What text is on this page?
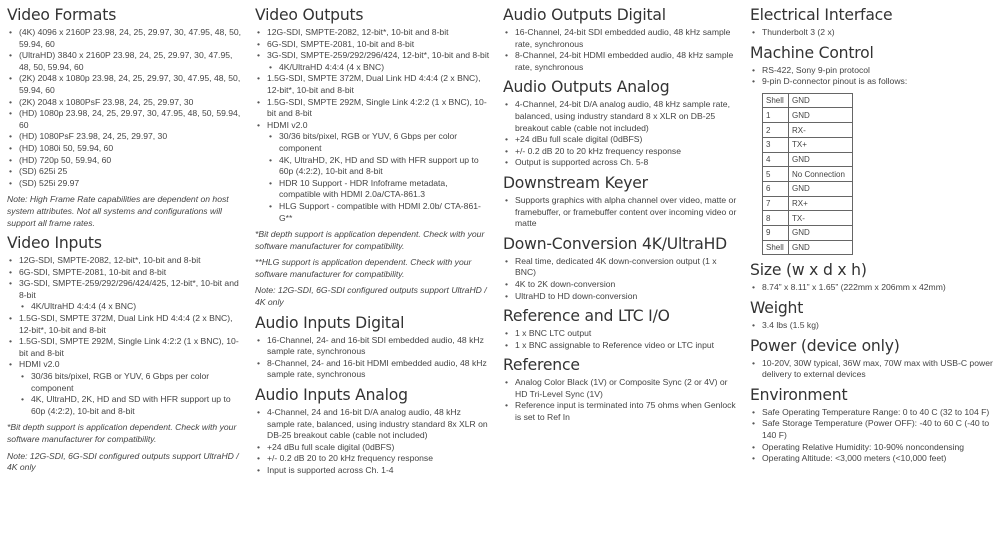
Video Formats
• (4K) 4096 x 2160P 23.98, 24, 25, 29.97, 30, 47.95, 48, 50, 59.94, 60
• (UltraHD) 3840 x 2160P 23.98, 24, 25, 29.97, 30, 47.95, 48, 50, 59.94, 60
• (2K) 2048 x 1080p 23.98, 24, 25, 29.97, 30, 47.95, 48, 50, 59.94, 60
• (2K) 2048 x 1080PsF 23.98, 24, 25, 29.97, 30
• (HD) 1080p 23.98, 24, 25, 29.97, 30, 47.95, 48, 50, 59.94, 60
• (HD) 1080PsF 23.98, 24, 25, 29.97, 30
• (HD) 1080i 50, 59.94, 60
• (HD) 720p 50, 59.94, 60
• (SD) 625i 25
• (SD) 525i 29.97

Note: High Frame Rate capabilities are dependent on host system attributes. Not all systems and configurations will support all frame rates.

Video Inputs
• 12G-SDI, SMPTE-2082, 12-bit*, 10-bit and 8-bit
• 6G-SDI, SMPTE-2081, 10-bit and 8-bit
• 3G-SDI, SMPTE-259/292/296/424/425, 12-bit*, 10-bit and 8-bit
• 4K/UltraHD 4:4:4 (4 x BNC)
• 1.5G-SDI, SMPTE 372M, Dual Link HD 4:4:4 (2 x BNC), 12-bit*, 10-bit and 8-bit
• 1.5G-SDI, SMPTE 292M, Single Link 4:2:2 (1 x BNC), 10-bit and 8-bit
• HDMI v2.0
• 30/36 bits/pixel, RGB or YUV, 6 Gbps per color component
• 4K, UltraHD, 2K, HD and SD with HFR support up to 60p (4:2:2), 10-bit and 8-bit

*Bit depth support is application dependent. Check with your software manufacturer for compatibility.

Note: 12G-SDI, 6G-SDI configured outputs support UltraHD / 4K only

Video Outputs
• 12G-SDI, SMPTE-2082, 12-bit*, 10-bit and 8-bit
• 6G-SDI, SMPTE-2081, 10-bit and 8-bit
• 3G-SDI, SMPTE-259/292/296/424, 12-bit*, 10-bit and 8-bit
• 4K/UltraHD 4:4:4 (4 x BNC)
• 1.5G-SDI, SMPTE 372M, Dual Link HD 4:4:4 (2 x BNC), 12-bit*, 10-bit and 8-bit
• 1.5G-SDI, SMPTE 292M, Single Link 4:2:2 (1 x BNC), 10-bit and 8-bit
• HDMI v2.0
• 30/36 bits/pixel, RGB or YUV, 6 Gbps per color component
• 4K, UltraHD, 2K, HD and SD with HFR support up to 60p (4:2:2), 10-bit and 8-bit
• HDR 10 Support - HDR Infoframe metadata, compatible with HDMI 2.0a/CTA-861.3
• HLG Support - compatible with HDMI 2.0b/ CTA-861-G**

*Bit depth support is application dependent. Check with your software manufacturer for compatibility.

**HLG support is application dependent. Check with your software manufacturer for compatibility.

Note: 12G-SDI, 6G-SDI configured outputs support UltraHD / 4K only

Audio Inputs Digital
• 16-Channel, 24- and 16-bit SDI embedded audio, 48 kHz sample rate, synchronous
• 8-Channel, 24- and 16-bit HDMI embedded audio, 48 kHz sample rate, synchronous
Audio Inputs Analog
• 4-Channel, 24 and 16-bit D/A analog audio, 48 kHz sample rate, balanced, using industry standard 8x XLR on DB-25 breakout cable (cable not included)
• +24 dBu full scale digital (0dBFS)
• +/- 0.2 dB 20 to 20 kHz frequency response
• Input is supported across Ch. 1-4
Audio Outputs Digital
• 16-Channel, 24-bit SDI embedded audio, 48 kHz sample rate, synchronous
• 8-Channel, 24-bit HDMI embedded audio, 48 kHz sample rate, synchronous
Audio Outputs Analog
• 4-Channel, 24-bit D/A analog audio, 48 kHz sample rate, balanced, using industry standard 8 x XLR on DB-25 breakout cable (cable not included)
• +24 dBu full scale digital (0dBFS)
• +/- 0.2 dB 20 to 20 kHz frequency response
• Output is supported across Ch. 5-8
Downstream Keyer
• Supports graphics with alpha channel over video, matte or framebuffer, or framebuffer content over incoming video or matte
Down-Conversion 4K/UltraHD
• Real time, dedicated 4K down-conversion output (1 x BNC)
• 4K to 2K down-conversion
• UltraHD to HD down-conversion
Reference and LTC I/O
• 1 x BNC LTC output
• 1 x BNC assignable to Reference video or LTC input
Reference
• Analog Color Black (1V) or Composite Sync (2 or 4V) or HD Tri-Level Sync (1V)
• Reference input is terminated into 75 ohms when Genlock is set to Ref In
Electrical Interface
• Thunderbolt 3 (2 x)
Machine Control
• RS-422, Sony 9-pin protocol
• 9-pin D-connector pinout is as follows:
Shell	GND
1	GND
2	RX-
3	TX+
4	GND
5	No Connection
6	GND
7	RX+
8	TX-
9	GND
Shell	GND
Size (w x d x h)
• 8.74” x 8.11” x 1.65” (222mm x 206mm x 42mm)
Weight
• 3.4 lbs (1.5 kg)
Power (device only)
• 10-20V, 30W typical, 36W max, 70W max with USB-C power delivery to external devices
Environment
• Safe Operating Temperature Range: 0 to 40 C (32 to 104 F)
• Safe Storage Temperature (Power OFF): -40 to 60 C (-40 to 140 F)
• Operating Relative Humidity: 10-90% noncondensing
• Operating Altitude: <3,000 meters (<10,000 feet)
